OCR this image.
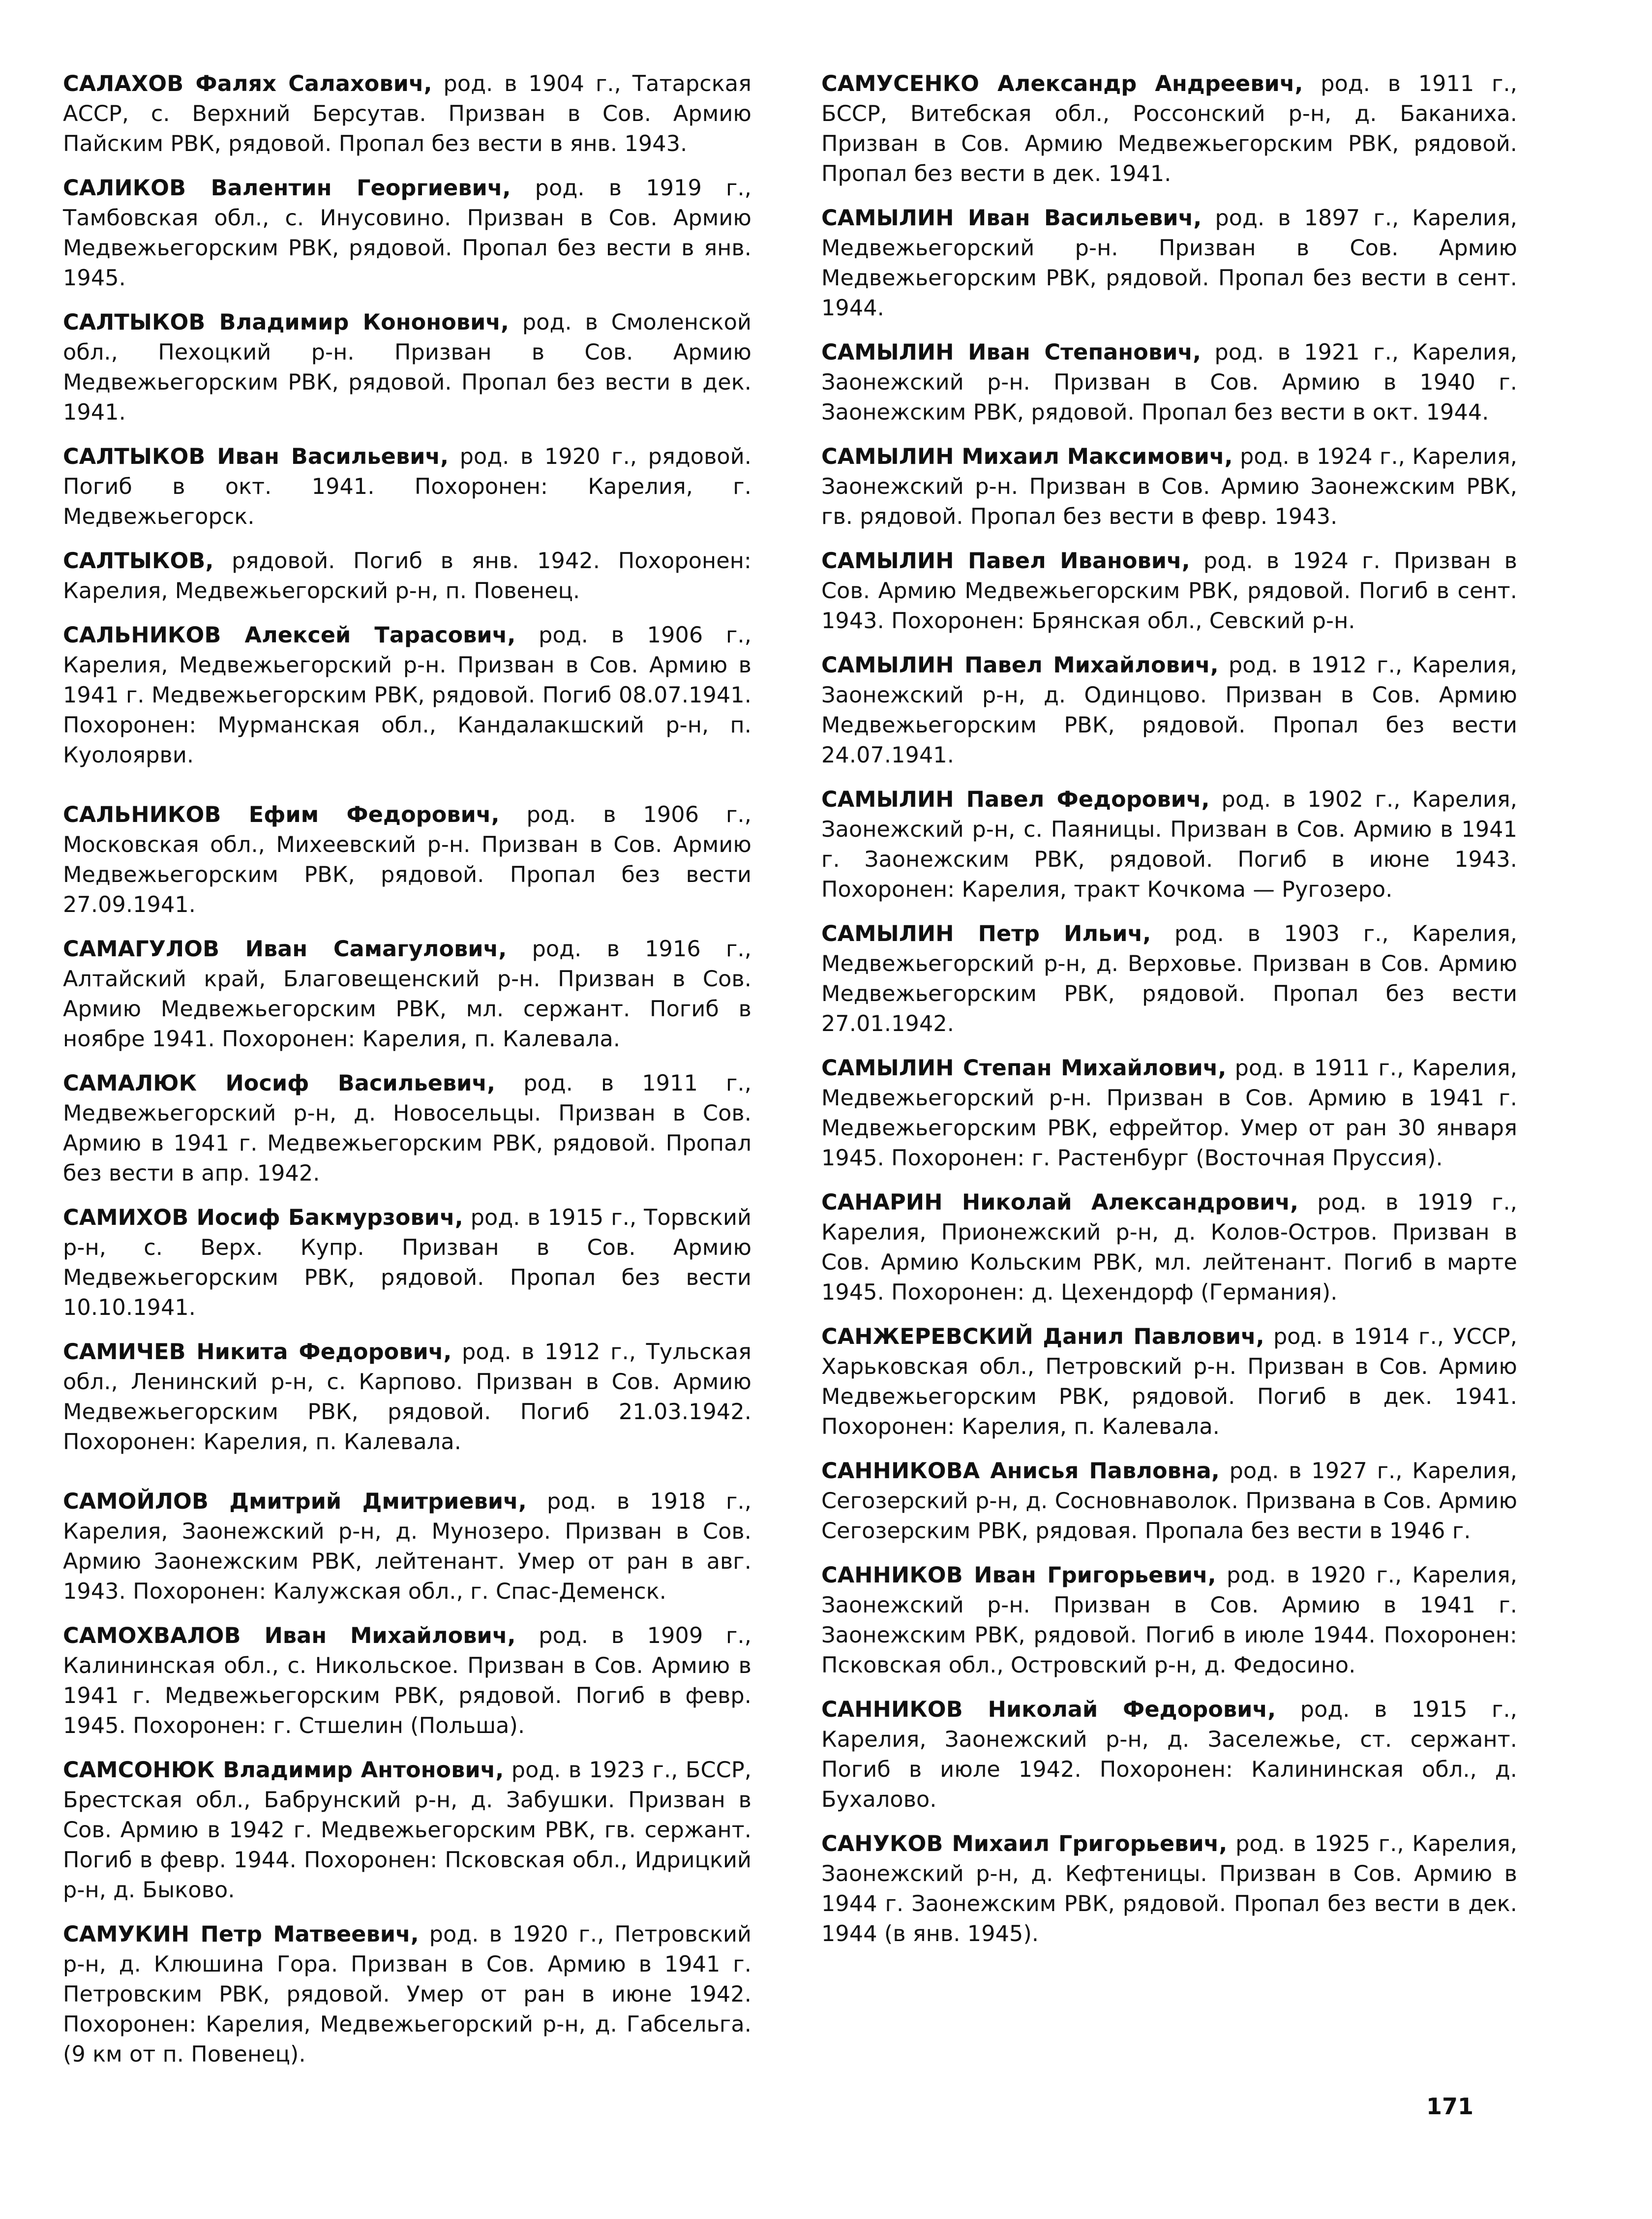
САЛАХОВ Фалях Салахович, род. в 1904 г., Татарская АССР, с. Верхний Берсутав. Призван в Сов. Армию Пайским РВК, рядовой. Пропал без вести в янв. 1943.

САЛИКОВ Валентин Георгиевич, род. в 1919 г., Тамбовская обл., с. Инусовино. Призван в Сов. Армию Медвежьегорским РВК, рядовой. Пропал без вести в янв. 1945.

САЛТЫКОВ Владимир Кононович, род. в Смоленской обл., Пехоцкий р-н. Призван в Сов. Армию Медвежьегорским РВК, рядовой. Пропал без вести в дек. 1941.

САЛТЫКОВ Иван Васильевич, род. в 1920 г., рядовой. Погиб в окт. 1941. Похоронен: Карелия, г. Медвежьегорск.

САЛТЫКОВ, рядовой. Погиб в янв. 1942. Похоронен: Карелия, Медвежьегорский р-н, п. Повенец.

САЛЬНИКОВ Алексей Тарасович, род. в 1906 г., Карелия, Медвежьегорский р-н. Призван в Сов. Армию в 1941 г. Медвежьегорским РВК, рядовой. Погиб 08.07.1941. Похоронен: Мурманская обл., Кандалакшский р-н, п. Куолоярви.

САЛЬНИКОВ Ефим Федорович, род. в 1906 г., Московская обл., Михеевский р-н. Призван в Сов. Армию Медвежьегорским РВК, рядовой. Пропал без вести 27.09.1941.

САМАГУЛОВ Иван Самагулович, род. в 1916 г., Алтайский край, Благовещенский р-н. Призван в Сов. Армию Медвежьегорским РВК, мл. сержант. Погиб в ноябре 1941. Похоронен: Карелия, п. Калевала.

САМАЛЮК Иосиф Васильевич, род. в 1911 г., Медвежьегорский р-н, д. Новосельцы. Призван в Сов. Армию в 1941 г. Медвежьегорским РВК, рядовой. Пропал без вести в апр. 1942.

САМИХОВ Иосиф Бакмурзович, род. в 1915 г., Торвский р-н, с. Верх. Купр. Призван в Сов. Армию Медвежьегорским РВК, рядовой. Пропал без вести 10.10.1941.

САМИЧЕВ Никита Федорович, род. в 1912 г., Тульская обл., Ленинский р-н, с. Карпово. Призван в Сов. Армию Медвежьегорским РВК, рядовой. Погиб 21.03.1942. Похоронен: Карелия, п. Калевала.

САМОЙЛОВ Дмитрий Дмитриевич, род. в 1918 г., Карелия, Заонежский р-н, д. Мунозеро. Призван в Сов. Армию Заонежским РВК, лейтенант. Умер от ран в авг. 1943. Похоронен: Калужская обл., г. Спас-Деменск.

САМОХВАЛОВ Иван Михайлович, род. в 1909 г., Калининская обл., с. Никольское. Призван в Сов. Армию в 1941 г. Медвежьегорским РВК, рядовой. Погиб в февр. 1945. Похоронен: г. Стшелин (Польша).

САМСОНЮК Владимир Антонович, род. в 1923 г., БССР, Брестская обл., Бабрунский р-н, д. Забушки. Призван в Сов. Армию в 1942 г. Медвежьегорским РВК, гв. сержант. Погиб в февр. 1944. Похоронен: Псковская обл., Идрицкий р-н, д. Быково.

САМУКИН Петр Матвеевич, род. в 1920 г., Петровский р-н, д. Клюшина Гора. Призван в Сов. Армию в 1941 г. Петровским РВК, рядовой. Умер от ран в июне 1942. Похоронен: Карелия, Медвежьегорский р-н, д. Габсельга. (9 км от п. Повенец).

САМУСЕНКО Александр Андреевич, род. в 1911 г., БССР, Витебская обл., Россонский р-н, д. Баканиха. Призван в Сов. Армию Медвежьегорским РВК, рядовой. Пропал без вести в дек. 1941.

САМЫЛИН Иван Васильевич, род. в 1897 г., Карелия, Медвежьегорский р-н. Призван в Сов. Армию Медвежьегорским РВК, рядовой. Пропал без вести в сент. 1944.

САМЫЛИН Иван Степанович, род. в 1921 г., Карелия, Заонежский р-н. Призван в Сов. Армию в 1940 г. Заонежским РВК, рядовой. Пропал без вести в окт. 1944.

САМЫЛИН Михаил Максимович, род. в 1924 г., Карелия, Заонежский р-н. Призван в Сов. Армию Заонежским РВК, гв. рядовой. Пропал без вести в февр. 1943.

САМЫЛИН Павел Иванович, род. в 1924 г. Призван в Сов. Армию Медвежьегорским РВК, рядовой. Погиб в сент. 1943. Похоронен: Брянская обл., Севский р-н.

САМЫЛИН Павел Михайлович, род. в 1912 г., Карелия, Заонежский р-н, д. Одинцово. Призван в Сов. Армию Медвежьегорским РВК, рядовой. Пропал без вести 24.07.1941.

САМЫЛИН Павел Федорович, род. в 1902 г., Карелия, Заонежский р-н, с. Паяницы. Призван в Сов. Армию в 1941 г. Заонежским РВК, рядовой. Погиб в июне 1943. Похоронен: Карелия, тракт Кочкома — Ругозеро.

САМЫЛИН Петр Ильич, род. в 1903 г., Карелия, Медвежьегорский р-н, д. Верховье. Призван в Сов. Армию Медвежьегорским РВК, рядовой. Пропал без вести 27.01.1942.

САМЫЛИН Степан Михайлович, род. в 1911 г., Карелия, Медвежьегорский р-н. Призван в Сов. Армию в 1941 г. Медвежьегорским РВК, ефрейтор. Умер от ран 30 января 1945. Похоронен: г. Растенбург (Восточная Пруссия).

САНАРИН Николай Александрович, род. в 1919 г., Карелия, Прионежский р-н, д. Колов-Остров. Призван в Сов. Армию Кольским РВК, мл. лейтенант. Погиб в марте 1945. Похоронен: д. Цехендорф (Германия).

САНЖЕРЕВСКИЙ Данил Павлович, род. в 1914 г., УССР, Харьковская обл., Петровский р-н. Призван в Сов. Армию Медвежьегорским РВК, рядовой. Погиб в дек. 1941. Похоронен: Карелия, п. Калевала.

САННИКОВА Анисья Павловна, род. в 1927 г., Карелия, Сегозерский р-н, д. Сосновнаволок. Призвана в Сов. Армию Сегозерским РВК, рядовая. Пропала без вести в 1946 г.

САННИКОВ Иван Григорьевич, род. в 1920 г., Карелия, Заонежский р-н. Призван в Сов. Армию в 1941 г. Заонежским РВК, рядовой. Погиб в июле 1944. Похоронен: Псковская обл., Островский р-н, д. Федосино.

САННИКОВ Николай Федорович, род. в 1915 г., Карелия, Заонежский р-н, д. Засележье, ст. сержант. Погиб в июле 1942. Похоронен: Калининская обл., д. Бухалово.

САНУКОВ Михаил Григорьевич, род. в 1925 г., Карелия, Заонежский р-н, д. Кефтеницы. Призван в Сов. Армию в 1944 г. Заонежским РВК, рядовой. Пропал без вести в дек. 1944 (в янв. 1945).

171
